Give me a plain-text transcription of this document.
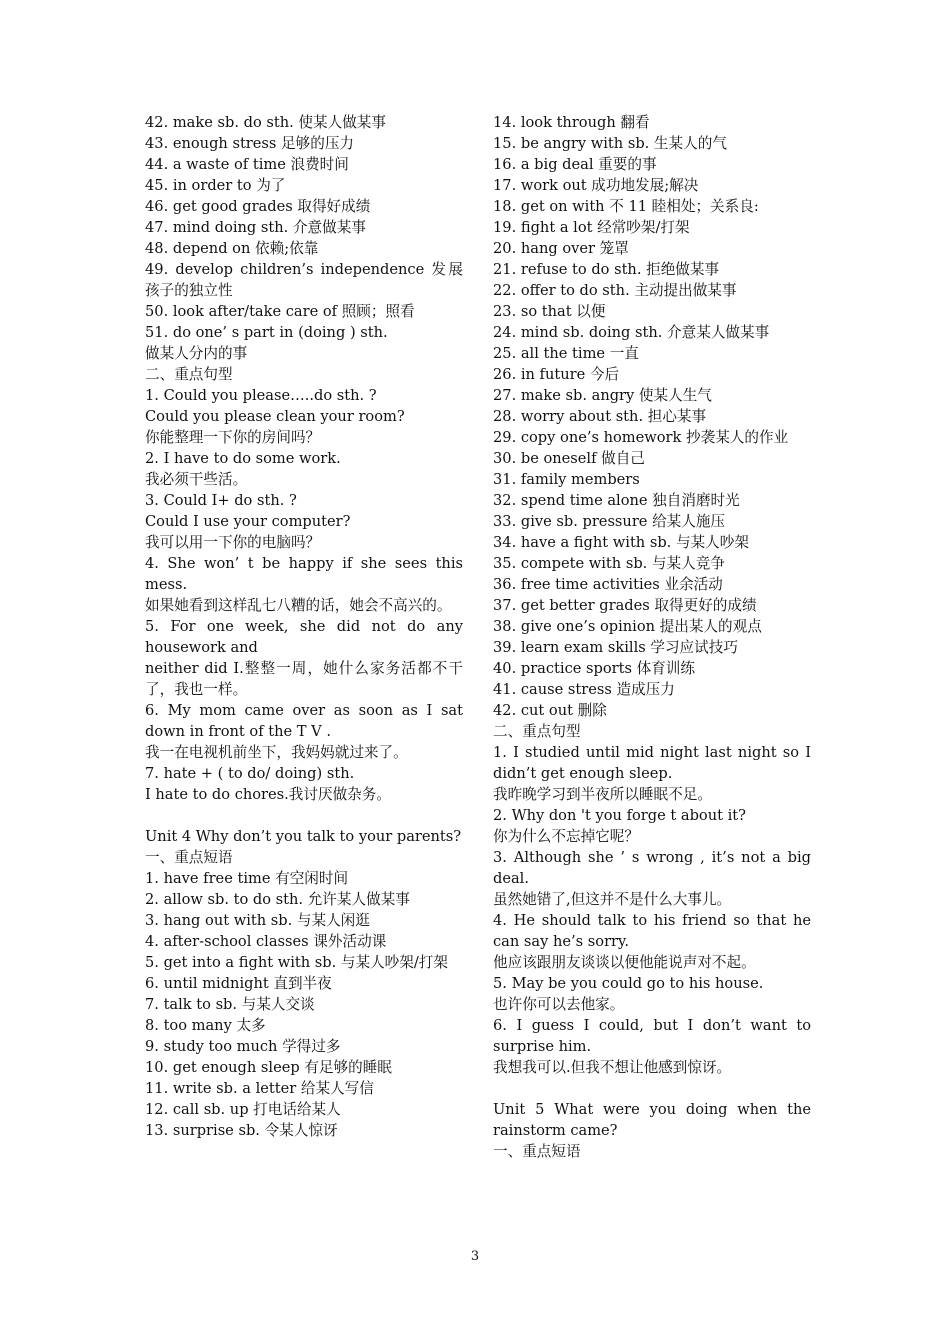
42. make sb. do sth. 使某人做某事
43. enough stress 足够的压力
44. a waste of time 浪费时间
45. in order to 为了
46. get good grades 取得好成绩
47. mind doing sth. 介意做某事
48. depend on 依赖;依靠
49. develop children’s independence 发展孩子的独立性
50. look after/take care of 照顾；照看
51. do one’ s part in (doing ) sth.
做某人分内的事
二、重点句型
1. Could you please…..do sth. ?
Could you please clean your room?
你能整理一下你的房间吗？
2. I have to do some work.
我必须干些活。
3. Could I+ do sth. ?
Could I use your computer?
我可以用一下你的电脑吗？
4. She won’ t be happy if she sees this mess.
如果她看到这样乱七八糟的话，她会不高兴的。
5. For one week, she did not do any housework and
neither did I.整整一周，她什么家务活都不干了，我也一样。
6. My mom came over as soon as I sat down in front of the T V .
我一在电视机前坐下，我妈妈就过来了。
7. hate + ( to do/ doing) sth.
I hate to do chores.我讨厌做杂务。
Unit 4 Why don’t you talk to your parents?
一、重点短语
1. have free time 有空闲时间
2. allow sb. to do sth. 允许某人做某事
3. hang out with sb. 与某人闲逛
4. after-school classes 课外活动课
5. get into a fight with sb. 与某人吵架/打架
6. until midnight 直到半夜
7. talk to sb. 与某人交谈
8. too many 太多
9. study too much 学得过多
10. get enough sleep 有足够的睡眠
11. write sb. a letter 给某人写信
12. call sb. up 打电话给某人
13. surprise sb. 令某人惊讶
14. look through 翻看
15. be angry with sb. 生某人的气
16. a big deal 重要的事
17. work out 成功地发展;解决
18. get on with 不 11 睦相处；关系良:
19. fight a lot 经常吵架/打架
20. hang over 笼罩
21. refuse to do sth. 拒绝做某事
22. offer to do sth. 主动提出做某事
23. so that 以便
24. mind sb. doing sth. 介意某人做某事
25. all the time 一直
26. in future 今后
27. make sb. angry 使某人生气
28. worry about sth. 担心某事
29. copy one’s homework 抄袭某人的作业
30. be oneself 做自己
31. family members
32. spend time alone 独自消磨时光
33. give sb. pressure 给某人施压
34. have a fight with sb. 与某人吵架
35. compete with sb. 与某人竞争
36. free time activities 业余活动
37. get better grades 取得更好的成绩
38. give one’s opinion 提出某人的观点
39. learn exam skills 学习应试技巧
40. practice sports 体育训练
41. cause stress 造成压力
42. cut out 删除
二、重点句型
1. I studied until mid night last night so I didn’t get enough sleep.
我昨晚学习到半夜所以睡眠不足。
2. Why don 't you forge t about it?
你为什么不忘掉它呢？
3. Although she ’ s wrong , it’s not a big deal.
虽然她错了,但这并不是什么大事儿。
4. He should talk to his friend so that he can say he’s sorry.
他应该跟朋友谈谈以便他能说声对不起。
5. May be you could go to his house.
也许你可以去他家。
6. I guess I could, but I don’t want to surprise him.
我想我可以.但我不想让他感到惊讶。
Unit 5 What were you doing when the rainstorm came?
一、重点短语
3
